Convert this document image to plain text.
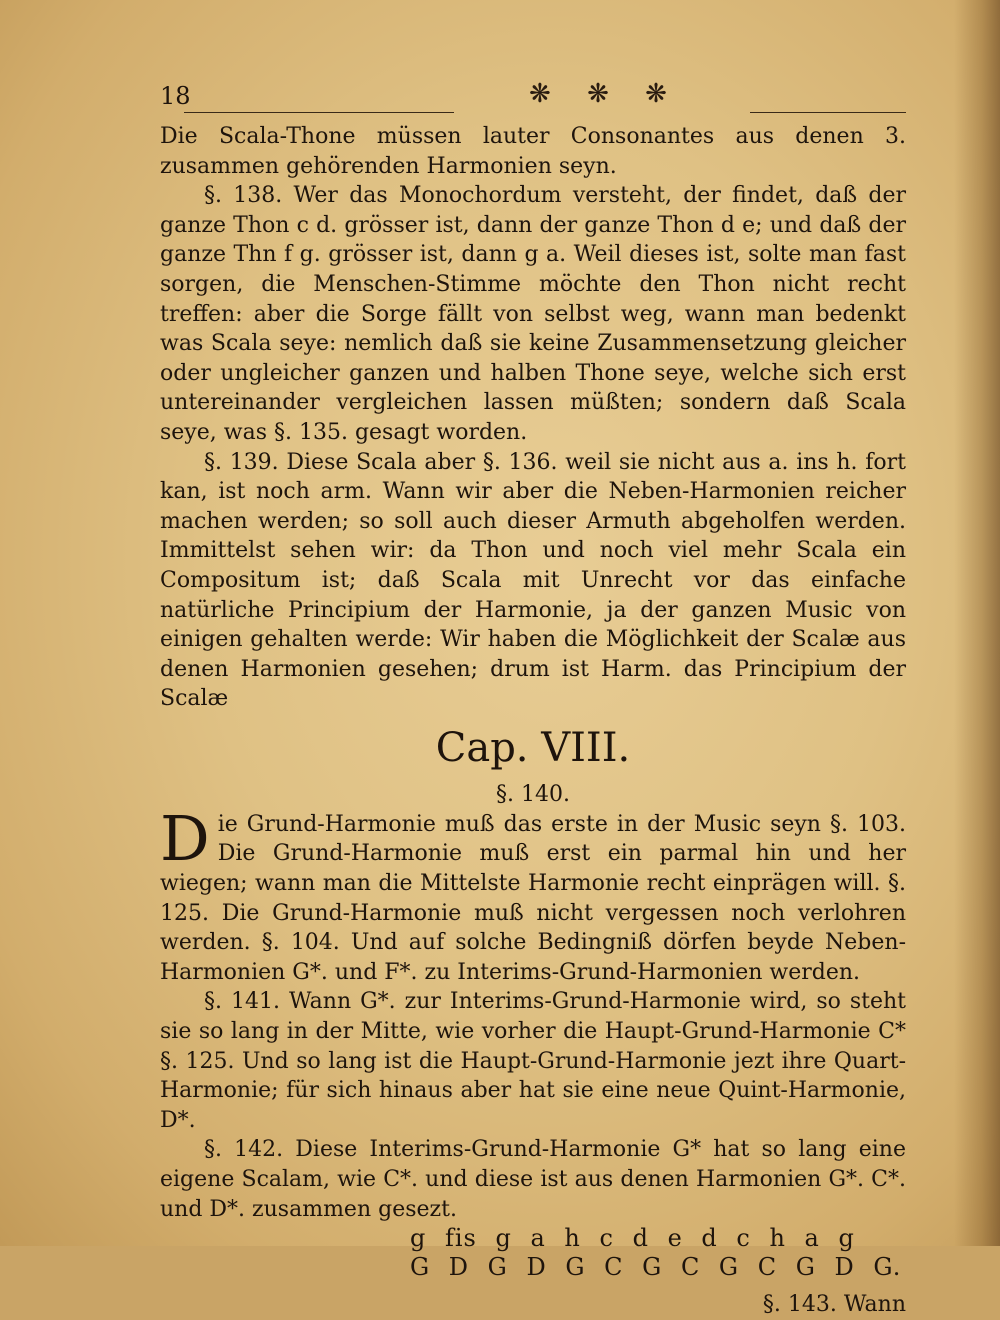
18	❋ ❋ ❋

Die Scala-Thone müssen lauter Consonantes aus denen 3. zusammen gehörenden Harmonien seyn.

§. 138. Wer das Monochordum versteht, der findet, daß der ganze Thon c d. grösser ist, dann der ganze Thon d e; und daß der ganze Thn f g. grösser ist, dann g a. Weil dieses ist, solte man fast sorgen, die Menschen-Stimme möchte den Thon nicht recht treffen: aber die Sorge fällt von selbst weg, wann man bedenkt was Scala seye: nemlich daß sie keine Zusammensetzung gleicher oder ungleicher ganzen und halben Thone seye, welche sich erst untereinander vergleichen lassen müßten; sondern daß Scala seye, was §. 135. gesagt worden.

§. 139. Diese Scala aber §. 136. weil sie nicht aus a. ins h. fort kan, ist noch arm. Wann wir aber die Neben-Harmonien reicher machen werden; so soll auch dieser Armuth abgeholfen werden. Immittelst sehen wir: da Thon und noch viel mehr Scala ein Compositum ist; daß Scala mit Unrecht vor das einfache natürliche Principium der Harmonie, ja der ganzen Music von einigen gehalten werde: Wir haben die Möglichkeit der Scalæ aus denen Harmonien gesehen; drum ist Harm. das Principium der Scalæ

Cap. VIII.
§. 140.

D ie Grund-Harmonie muß das erste in der Music seyn §. 103. Die Grund-Harmonie muß erst ein parmal hin und her wiegen; wann man die Mittelste Harmonie recht einprägen will. §. 125. Die Grund-Harmonie muß nicht vergessen noch verlohren werden. §. 104. Und auf solche Bedingniß dörfen beyde Neben-Harmonien G*. und F*. zu Interims-Grund-Harmonien werden.

§. 141. Wann G*. zur Interims-Grund-Harmonie wird, so steht sie so lang in der Mitte, wie vorher die Haupt-Grund-Harmonie C* §. 125. Und so lang ist die Haupt-Grund-Harmonie jezt ihre Quart-Harmonie; für sich hinaus aber hat sie eine neue Quint-Harmonie, D*.

§. 142. Diese Interims-Grund-Harmonie G* hat so lang eine eigene Scalam, wie C*. und diese ist aus denen Harmonien G*. C*. und D*. zusammen gesezt.

g fis g a h c d e d c h a g
G D G D G C G C G C G D G.
§. 143. Wann
